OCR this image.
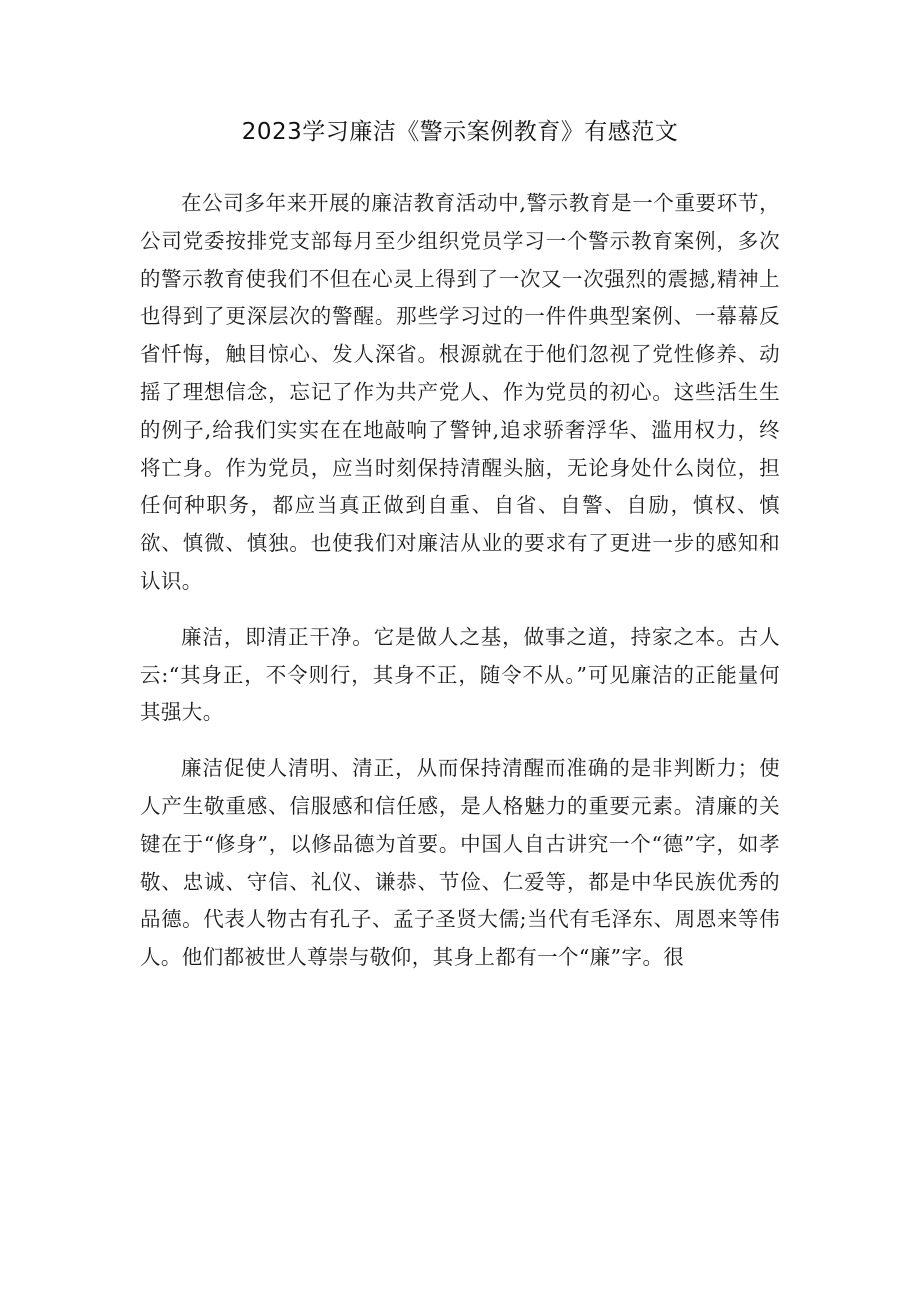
2023学习廉洁《警示案例教育》有感范文

在公司多年来开展的廉洁教育活动中,警示教育是一个重要环节，公司党委按排党支部每月至少组织党员学习一个警示教育案例，多次的警示教育使我们不但在心灵上得到了一次又一次强烈的震撼,精神上也得到了更深层次的警醒。那些学习过的一件件典型案例、一幕幕反省忏悔，触目惊心、发人深省。根源就在于他们忽视了党性修养、动摇了理想信念，忘记了作为共产党人、作为党员的初心。这些活生生的例子,给我们实实在在地敲响了警钟,追求骄奢浮华、滥用权力，终将亡身。作为党员，应当时刻保持清醒头脑，无论身处什么岗位，担任何种职务，都应当真正做到自重、自省、自警、自励，慎权、慎欲、慎微、慎独。也使我们对廉洁从业的要求有了更进一步的感知和认识。

廉洁，即清正干净。它是做人之基，做事之道，持家之本。古人云:“其身正，不令则行，其身不正，随令不从。”可见廉洁的正能量何其强大。

廉洁促使人清明、清正，从而保持清醒而准确的是非判断力；使人产生敬重感、信服感和信任感，是人格魅力的重要元素。清廉的关键在于“修身”，以修品德为首要。中国人自古讲究一个“德”字，如孝敬、忠诚、守信、礼仪、谦恭、节俭、仁爱等，都是中华民族优秀的品德。代表人物古有孔子、孟子圣贤大儒;当代有毛泽东、周恩来等伟人。他们都被世人尊崇与敬仰，其身上都有一个“廉”字。很
